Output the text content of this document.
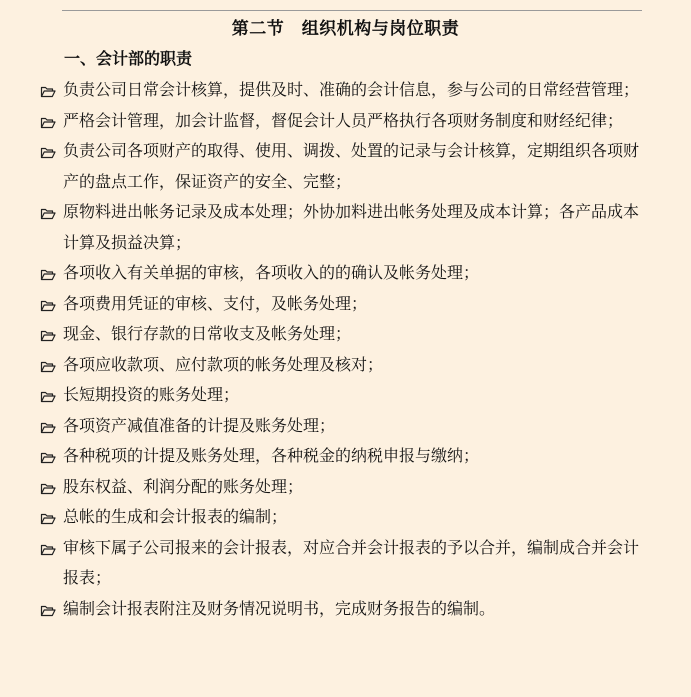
第二节　组织机构与岗位职责
一、会计部的职责
负责公司日常会计核算，提供及时、准确的会计信息，参与公司的日常经营管理；
严格会计管理，加会计监督，督促会计人员严格执行各项财务制度和财经纪律；
负责公司各项财产的取得、使用、调拨、处置的记录与会计核算，定期组织各项财产的盘点工作，保证资产的安全、完整；
原物料进出帐务记录及成本处理；外协加料进出帐务处理及成本计算；各产品成本计算及损益决算；
各项收入有关单据的审核，各项收入的的确认及帐务处理；
各项费用凭证的审核、支付，及帐务处理；
现金、银行存款的日常收支及帐务处理；
各项应收款项、应付款项的帐务处理及核对；
长短期投资的账务处理；
各项资产减值准备的计提及账务处理；
各种税项的计提及账务处理，各种税金的纳税申报与缴纳；
股东权益、利润分配的账务处理；
总帐的生成和会计报表的编制；
审核下属子公司报来的会计报表，对应合并会计报表的予以合并，编制成合并会计报表；
编制会计报表附注及财务情况说明书，完成财务报告的编制。
